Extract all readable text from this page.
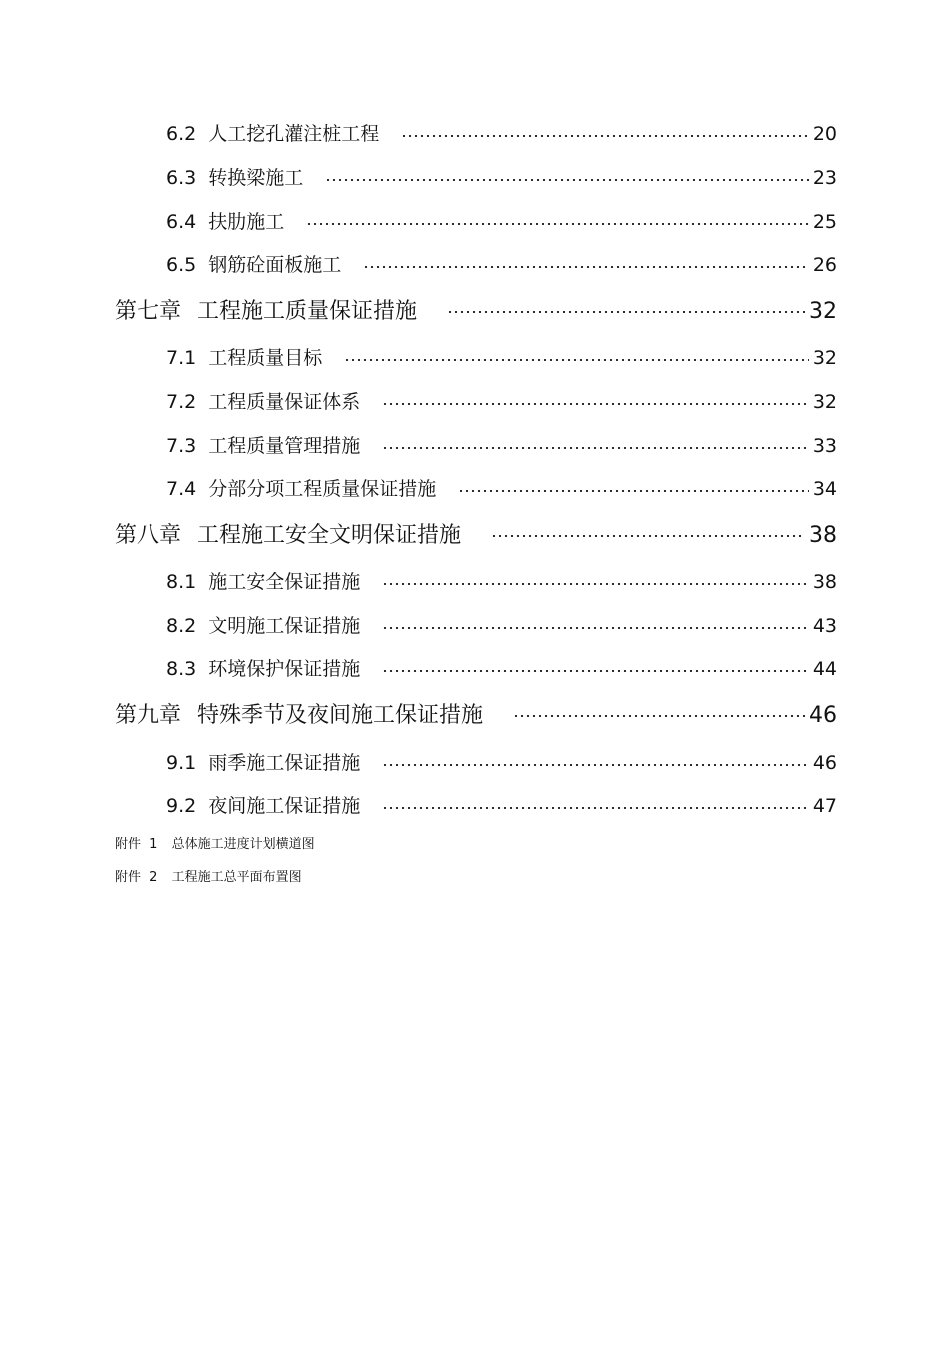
6.2 人工挖孔灌注桩工程	20
6.3 转换梁施工	23
6.4 扶肋施工	25
6.5 钢筋砼面板施工	26
第七章 工程施工质量保证措施	32
7.1 工程质量目标	32
7.2 工程质量保证体系	32
7.3 工程质量管理措施	33
7.4 分部分项工程质量保证措施	34
第八章 工程施工安全文明保证措施	38
8.1 施工安全保证措施	38
8.2 文明施工保证措施	43
8.3 环境保护保证措施	44
第九章 特殊季节及夜间施工保证措施	46
9.1 雨季施工保证措施	46
9.2 夜间施工保证措施	47
附件 1 总体施工进度计划横道图
附件 2 工程施工总平面布置图
